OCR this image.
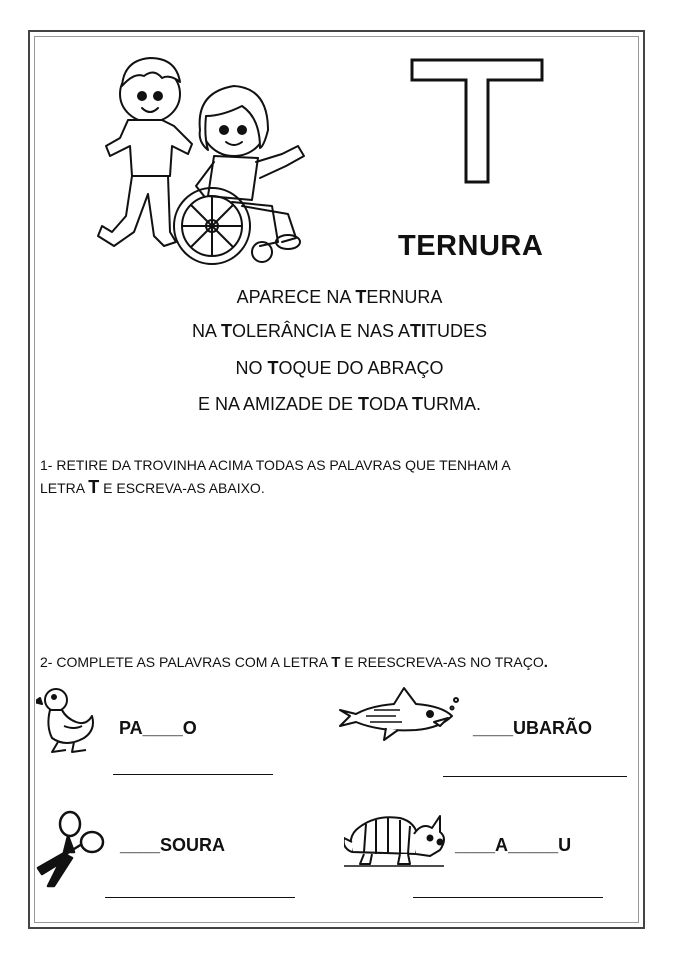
TERNURA
APARECE NA TERNURA
NA TOLERÂNCIA E NAS ATITUDES
NO TOQUE DO ABRAÇO
E NA AMIZADE DE TODA TURMA.
1- RETIRE DA TROVINHA ACIMA TODAS AS PALAVRAS QUE TENHAM A
LETRA T E ESCREVA-AS ABAIXO.
2- COMPLETE AS PALAVRAS COM A LETRA T E REESCREVA-AS NO TRAÇO.
PA____O	____UBARÃO
____SOURA	____A_____U
